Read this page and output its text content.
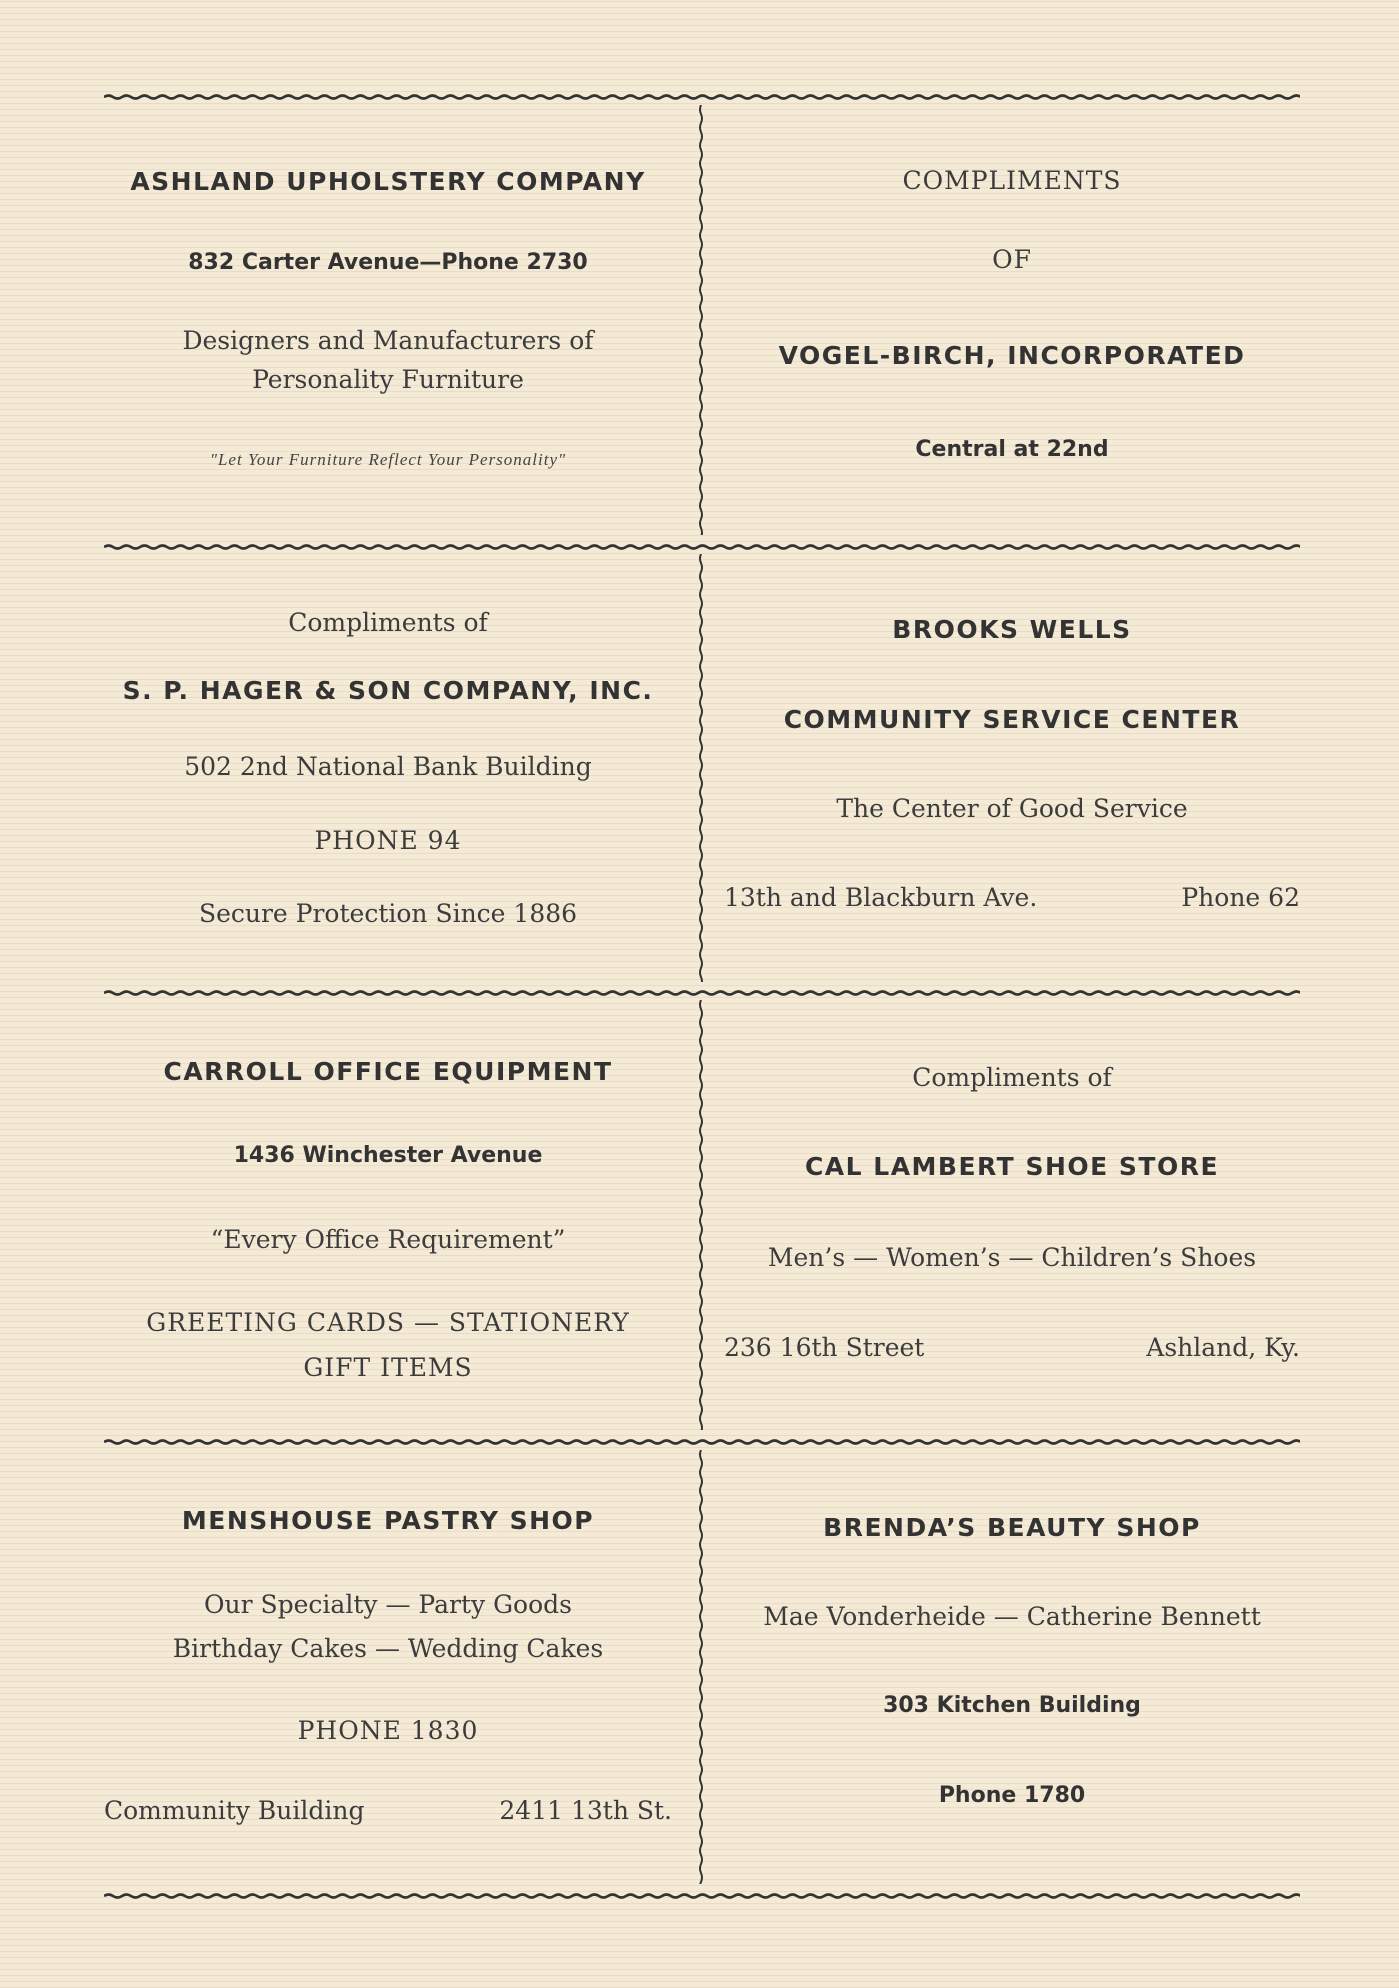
ASHLAND UPHOLSTERY COMPANY
832 Carter Avenue—Phone 2730
Designers and Manufacturers of
Personality Furniture
"Let Your Furniture Reflect Your Personality"
COMPLIMENTS
OF
VOGEL-BIRCH, INCORPORATED
Central at 22nd
Compliments of
S. P. HAGER & SON COMPANY, INC.
502 2nd National Bank Building
PHONE 94
Secure Protection Since 1886
BROOKS WELLS
COMMUNITY SERVICE CENTER
The Center of Good Service
13th and Blackburn Ave.	Phone 62
CARROLL OFFICE EQUIPMENT
1436 Winchester Avenue
“Every Office Requirement”
GREETING CARDS — STATIONERY
GIFT ITEMS
Compliments of
CAL LAMBERT SHOE STORE
Men’s — Women’s — Children’s Shoes
236 16th Street	Ashland, Ky.
MENSHOUSE PASTRY SHOP
Our Specialty — Party Goods
Birthday Cakes — Wedding Cakes
PHONE 1830
Community Building	2411 13th St.
BRENDA’S BEAUTY SHOP
Mae Vonderheide — Catherine Bennett
303 Kitchen Building
Phone 1780
